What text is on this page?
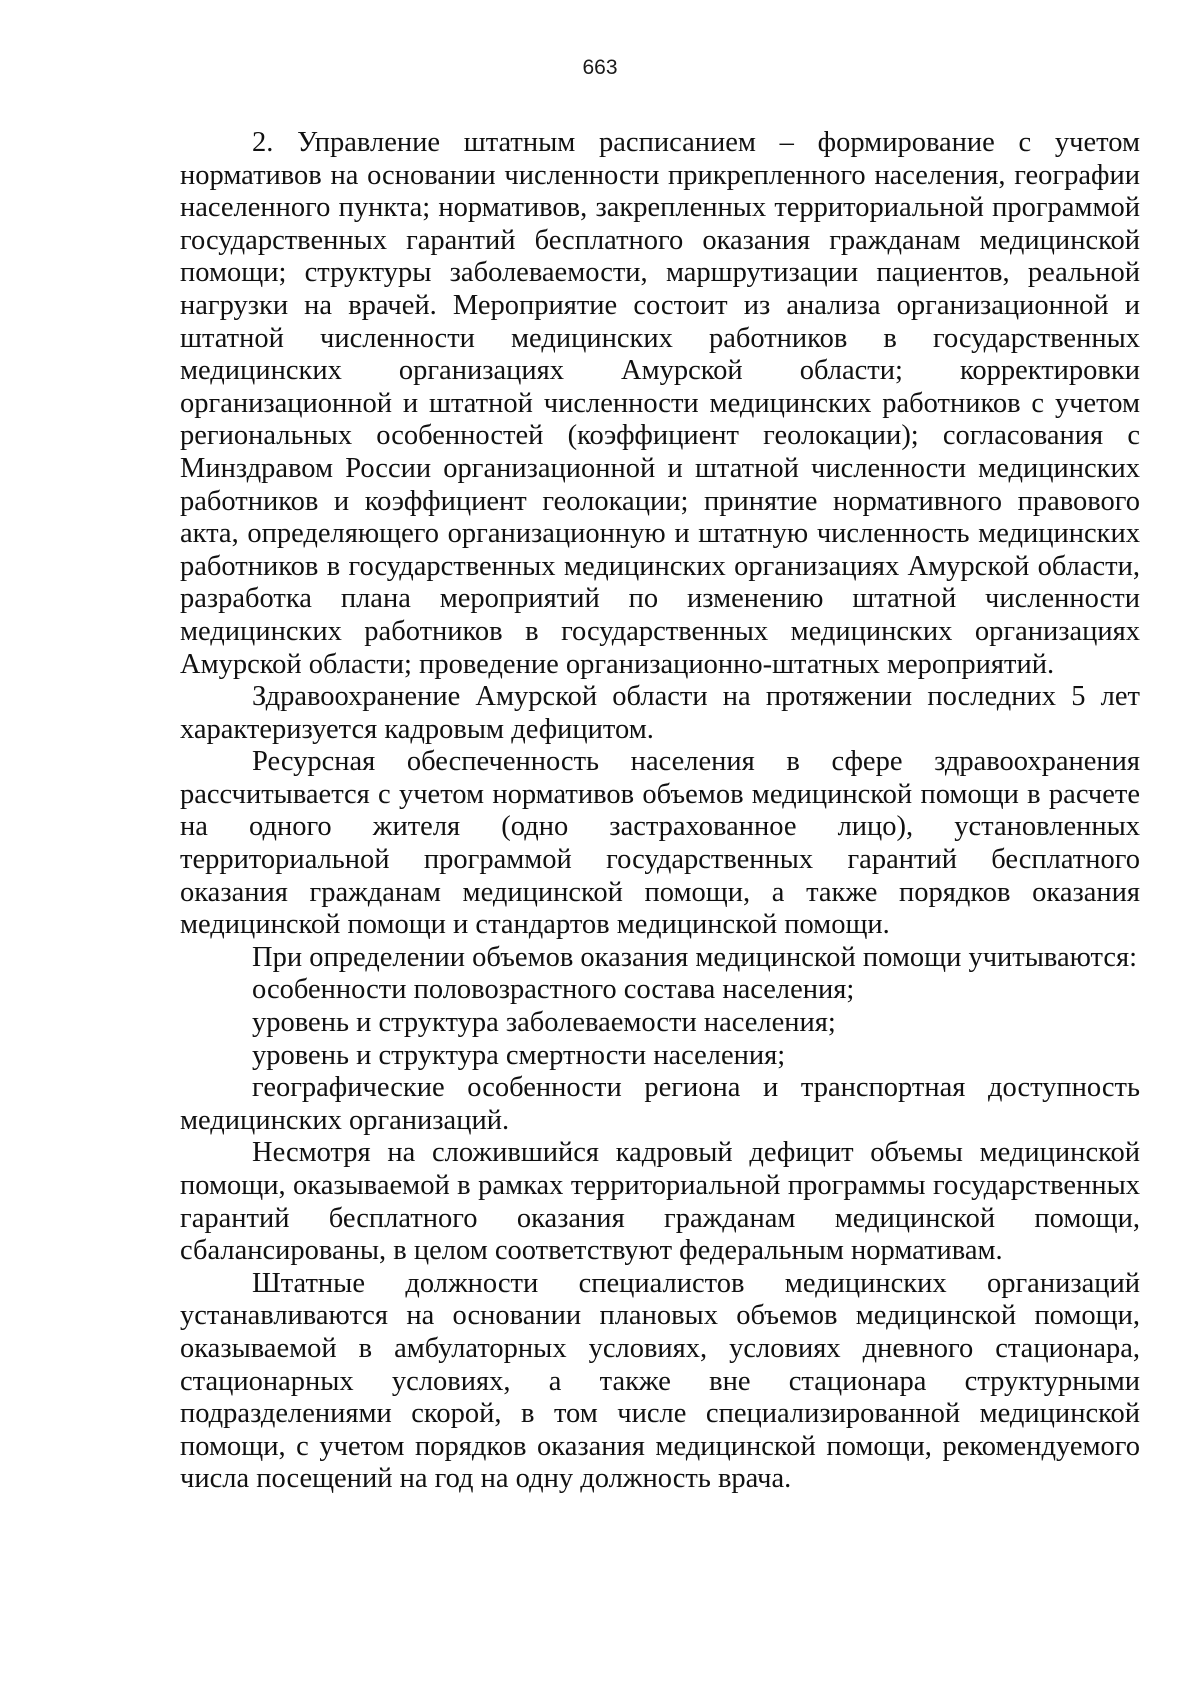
663

2. Управление штатным расписанием – формирование с учетом нормативов на основании численности прикрепленного населения, географии населенного пункта; нормативов, закрепленных территориальной программой государственных гарантий бесплатного оказания гражданам медицинской помощи; структуры заболеваемости, маршрутизации пациентов, реальной нагрузки на врачей. Мероприятие состоит из анализа организационной и штатной численности медицинских работников в государственных медицинских организациях Амурской области; корректировки организационной и штатной численности медицинских работников с учетом региональных особенностей (коэффициент геолокации); согласования с Минздравом России организационной и штатной численности медицинских работников и коэффициент геолокации; принятие нормативного правового акта, определяющего организационную и штатную численность медицинских работников в государственных медицинских организациях Амурской области, разработка плана мероприятий по изменению штатной численности медицинских работников в государственных медицинских организациях Амурской области; проведение организационно-штатных мероприятий.

Здравоохранение Амурской области на протяжении последних 5 лет характеризуется кадровым дефицитом.

Ресурсная обеспеченность населения в сфере здравоохранения рассчитывается с учетом нормативов объемов медицинской помощи в расчете на одного жителя (одно застрахованное лицо), установленных территориальной программой государственных гарантий бесплатного оказания гражданам медицинской помощи, а также порядков оказания медицинской помощи и стандартов медицинской помощи.

При определении объемов оказания медицинской помощи учитываются:

особенности половозрастного состава населения;

уровень и структура заболеваемости населения;

уровень и структура смертности населения;

географические особенности региона и транспортная доступность медицинских организаций.

Несмотря на сложившийся кадровый дефицит объемы медицинской помощи, оказываемой в рамках территориальной программы государственных гарантий бесплатного оказания гражданам медицинской помощи, сбалансированы, в целом соответствуют федеральным нормативам.

Штатные должности специалистов медицинских организаций устанавливаются на основании плановых объемов медицинской помощи, оказываемой в амбулаторных условиях, условиях дневного стационара, стационарных условиях, а также вне стационара структурными подразделениями скорой, в том числе специализированной медицинской помощи, с учетом порядков оказания медицинской помощи, рекомендуемого числа посещений на год на одну должность врача.
